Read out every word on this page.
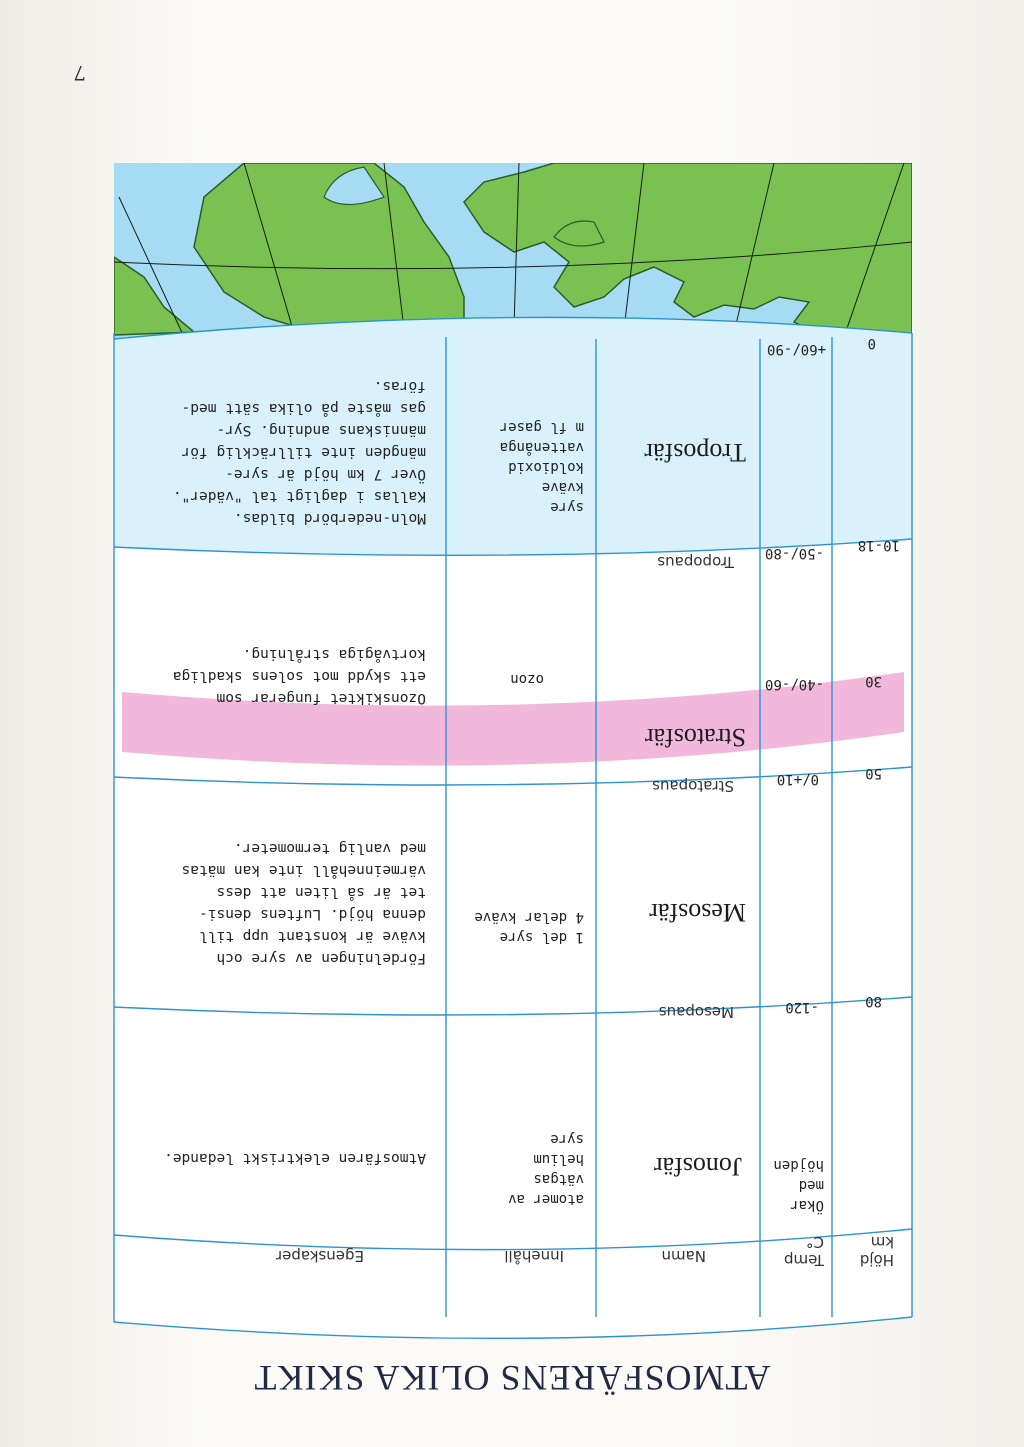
7
ATMOSFÄRENS OLIKA SKIKT
Höjd
km
Temp
C°
Namn
Innehåll
Egenskaper
Ökar
med
höjden
Jonosfär
atomer av
vätgas
helium
syre
Atmosfären elektriskt ledande.
80
-120
Mesopaus
Mesosfär
1 del syre
4 delar kväve
Fördelningen av syre och
kväve är konstant upp till
denna höjd. Luftens densi-
tet är så liten att dess
värmeinnehåll inte kan mätas
med vanlig termometer.
50
0/+10
Stratopaus
Stratosfär
30
-40/-60
ozon
Ozonskiktet fungerar som
ett skydd mot solens skadliga
kortvågiga strålning.
10-18
-50/-80
Tropopaus
Troposfär
syre
kväve
koldioxid
vattenånga
m fl gaser
Moln-nederbörd bildas.
Kallas i dagligt tal "väder".
Över 7 km höjd är syre-
mängden inte tillräcklig för
människans andning. Syr-
gas måste på olika sätt med-
föras.
0
+60/-90
